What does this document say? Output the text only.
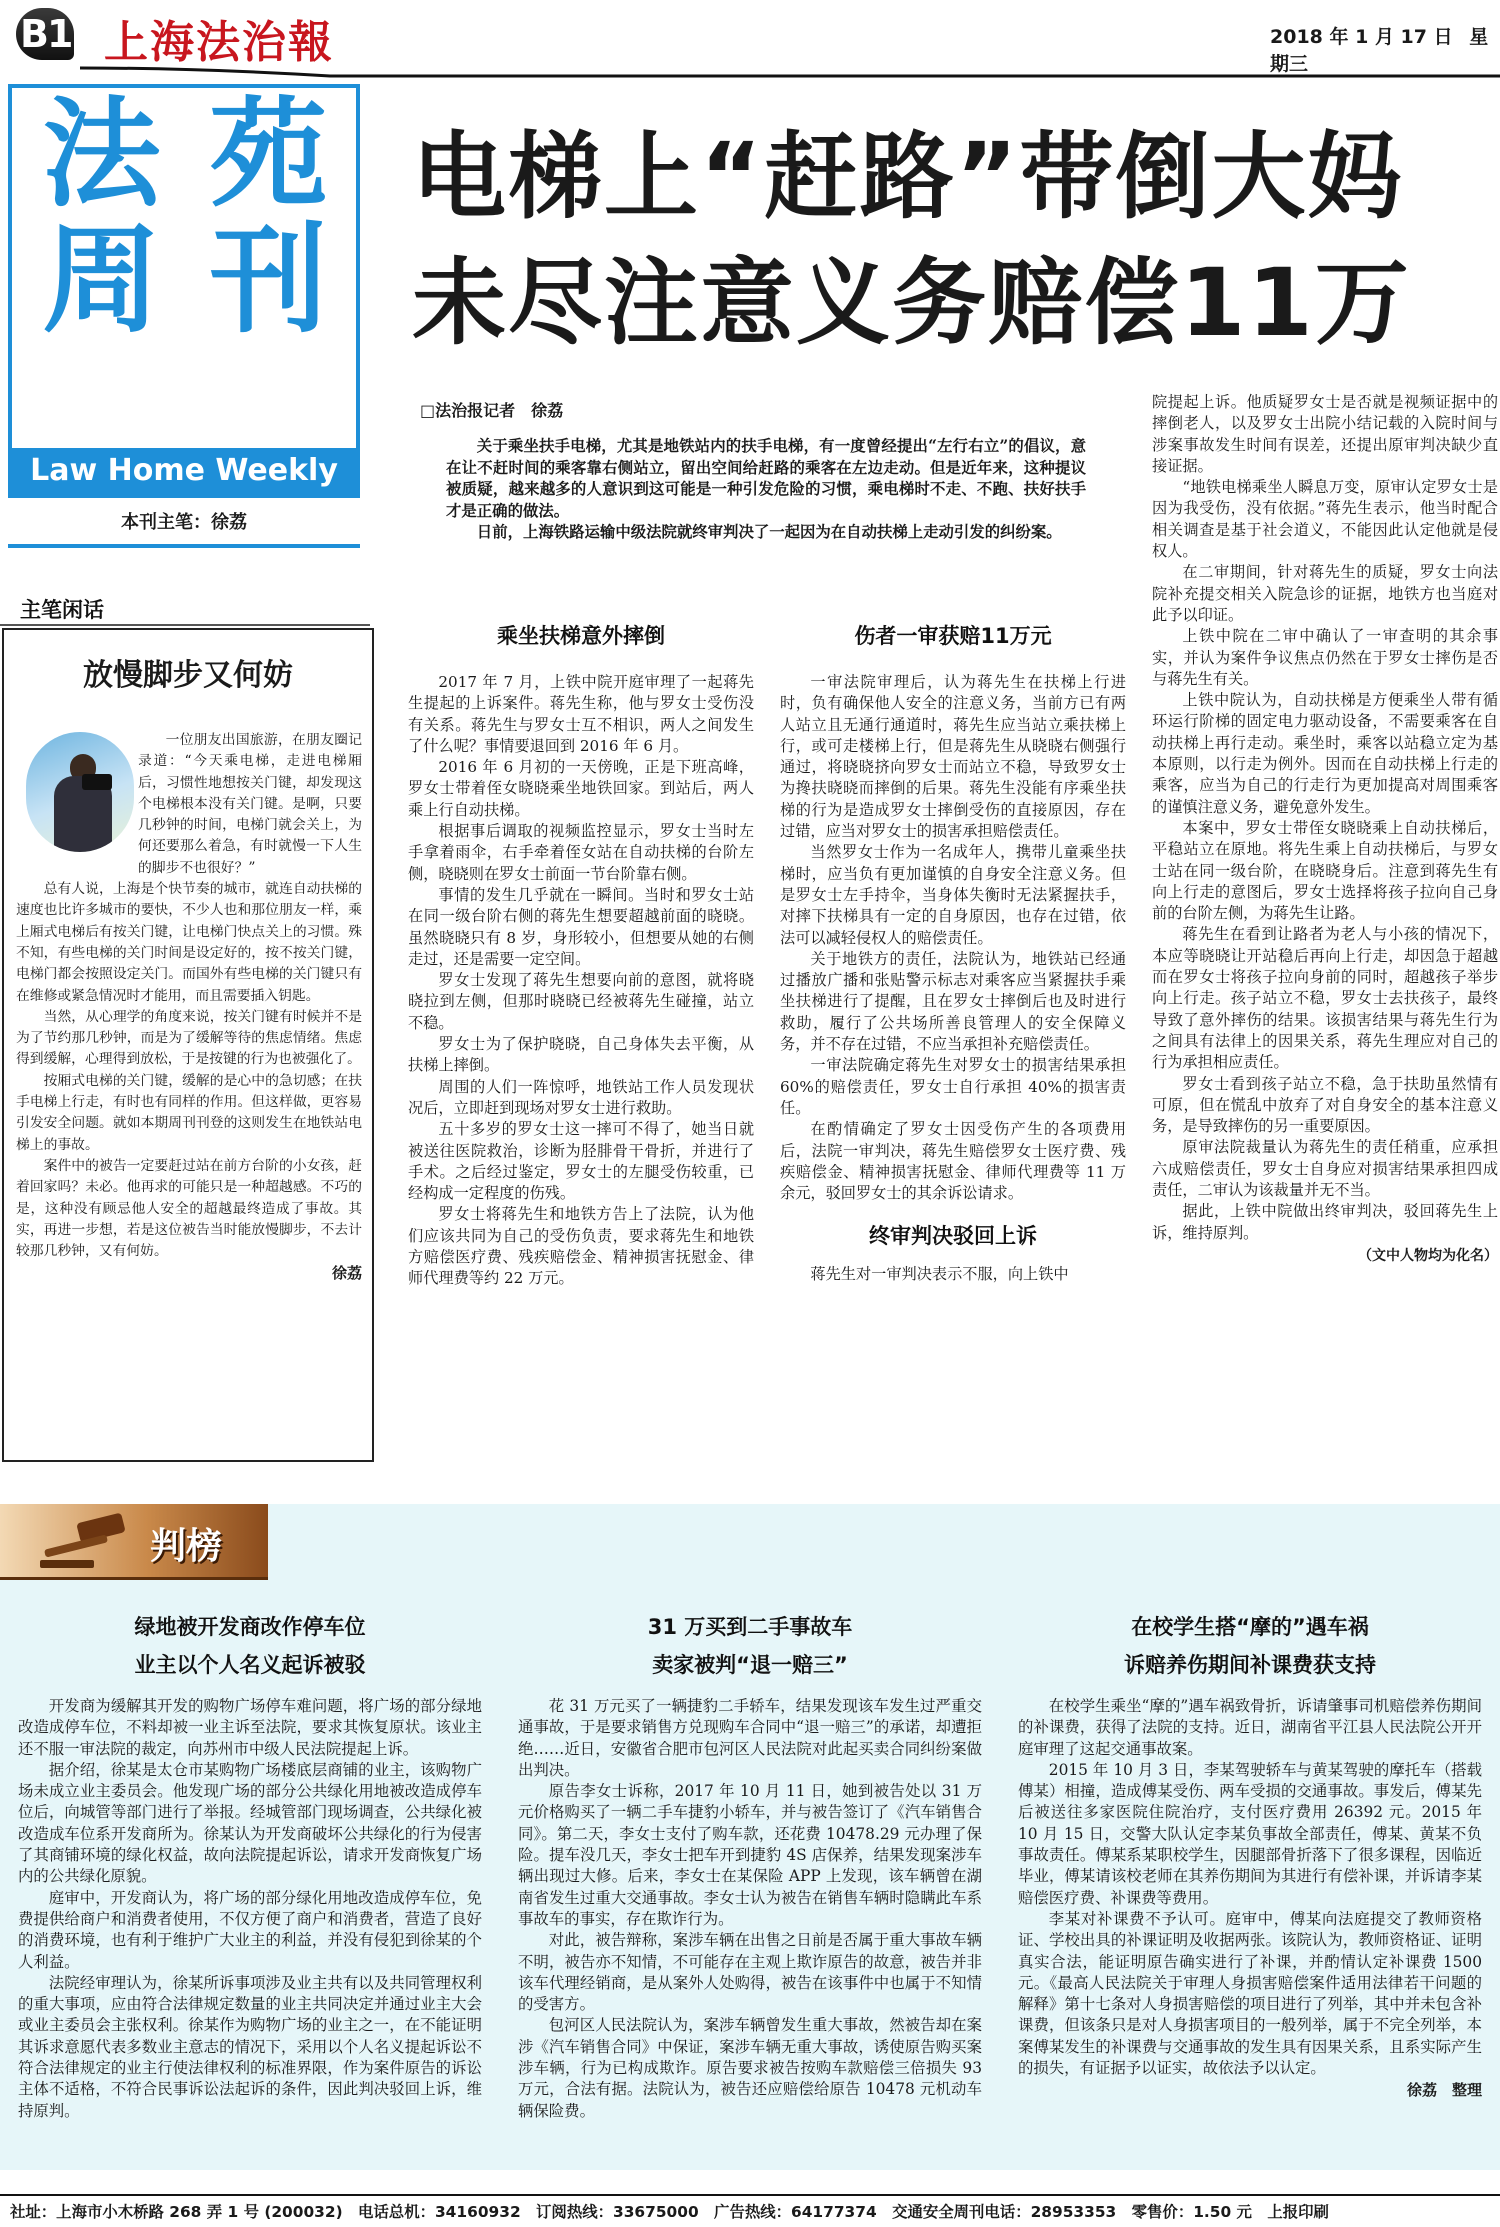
B1 上海法治報	2018 年 1 月 17 日 星期三
法 苑
周 刊
Law Home Weekly
本刊主笔：徐荔
电梯上“赶路”带倒大妈
未尽注意义务赔偿11万
□法治报记者　徐荔

关于乘坐扶手电梯，尤其是地铁站内的扶手电梯，有一度曾经提出“左行右立”的倡议，意在让不赶时间的乘客靠右侧站立，留出空间给赶路的乘客在左边走动。但是近年来，这种提议被质疑，越来越多的人意识到这可能是一种引发危险的习惯，乘电梯时不走、不跑、扶好扶手才是正确的做法。

日前，上海铁路运输中级法院就终审判决了一起因为在自动扶梯上走动引发的纠纷案。

主笔闲话
放慢脚步又何妨

一位朋友出国旅游，在朋友圈记录道：“今天乘电梯，走进电梯厢后，习惯性地想按关门键，却发现这个电梯根本没有关门键。是啊，只要几秒钟的时间，电梯门就会关上，为何还要那么着急，有时就慢一下人生的脚步不也很好？”

总有人说，上海是个快节奏的城市，就连自动扶梯的速度也比许多城市的要快，不少人也和那位朋友一样，乘上厢式电梯后有按关门键，让电梯门快点关上的习惯。殊不知，有些电梯的关门时间是设定好的，按不按关门键，电梯门都会按照设定关门。而国外有些电梯的关门键只有在维修或紧急情况时才能用，而且需要插入钥匙。

当然，从心理学的角度来说，按关门键有时候并不是为了节约那几秒钟，而是为了缓解等待的焦虑情绪。焦虑得到缓解，心理得到放松，于是按键的行为也被强化了。

按厢式电梯的关门键，缓解的是心中的急切感；在扶手电梯上行走，有时也有同样的作用。但这样做，更容易引发安全问题。就如本期周刊刊登的这则发生在地铁站电梯上的事故。

案件中的被告一定要赶过站在前方台阶的小女孩，赶着回家吗？未必。他再求的可能只是一种超越感。不巧的是，这种没有顾忌他人安全的超越最终造成了事故。其实，再进一步想，若是这位被告当时能放慢脚步，不去计较那几秒钟，又有何妨。

徐荔
乘坐扶梯意外摔倒

2017 年 7 月，上铁中院开庭审理了一起蒋先生提起的上诉案件。蒋先生称，他与罗女士受伤没有关系。蒋先生与罗女士互不相识，两人之间发生了什么呢？事情要退回到 2016 年 6 月。

2016 年 6 月初的一天傍晚，正是下班高峰，罗女士带着侄女晓晓乘坐地铁回家。到站后，两人乘上行自动扶梯。

根据事后调取的视频监控显示，罗女士当时左手拿着雨伞，右手牵着侄女站在自动扶梯的台阶左侧，晓晓则在罗女士前面一节台阶靠右侧。

事情的发生几乎就在一瞬间。当时和罗女士站在同一级台阶右侧的蒋先生想要超越前面的晓晓。虽然晓晓只有 8 岁，身形较小，但想要从她的右侧走过，还是需要一定空间。

罗女士发现了蒋先生想要向前的意图，就将晓晓拉到左侧，但那时晓晓已经被蒋先生碰撞，站立不稳。

罗女士为了保护晓晓，自己身体失去平衡，从扶梯上摔倒。

周围的人们一阵惊呼，地铁站工作人员发现状况后，立即赶到现场对罗女士进行救助。

五十多岁的罗女士这一摔可不得了，她当日就被送往医院救治，诊断为胫腓骨干骨折，并进行了手术。之后经过鉴定，罗女士的左腿受伤较重，已经构成一定程度的伤残。

罗女士将蒋先生和地铁方告上了法院，认为他们应该共同为自己的受伤负责，要求蒋先生和地铁方赔偿医疗费、残疾赔偿金、精神损害抚慰金、律师代理费等约 22 万元。

伤者一审获赔11万元

一审法院审理后，认为蒋先生在扶梯上行进时，负有确保他人安全的注意义务，当前方已有两人站立且无通行通道时，蒋先生应当站立乘扶梯上行，或可走楼梯上行，但是蒋先生从晓晓右侧强行通过，将晓晓挤向罗女士而站立不稳，导致罗女士为搀扶晓晓而摔倒的后果。蒋先生没能有序乘坐扶梯的行为是造成罗女士摔倒受伤的直接原因，存在过错，应当对罗女士的损害承担赔偿责任。

当然罗女士作为一名成年人，携带儿童乘坐扶梯时，应当负有更加谨慎的自身安全注意义务。但是罗女士左手持伞，当身体失衡时无法紧握扶手，对摔下扶梯具有一定的自身原因，也存在过错，依法可以减轻侵权人的赔偿责任。

关于地铁方的责任，法院认为，地铁站已经通过播放广播和张贴警示标志对乘客应当紧握扶手乘坐扶梯进行了提醒，且在罗女士摔倒后也及时进行救助，履行了公共场所善良管理人的安全保障义务，并不存在过错，不应当承担补充赔偿责任。

一审法院确定蒋先生对罗女士的损害结果承担 60%的赔偿责任，罗女士自行承担 40%的损害责任。

在酌情确定了罗女士因受伤产生的各项费用后，法院一审判决，蒋先生赔偿罗女士医疗费、残疾赔偿金、精神损害抚慰金、律师代理费等 11 万余元，驳回罗女士的其余诉讼请求。

终审判决驳回上诉

蒋先生对一审判决表示不服，向上铁中

院提起上诉。他质疑罗女士是否就是视频证据中的摔倒老人，以及罗女士出院小结记载的入院时间与涉案事故发生时间有误差，还提出原审判决缺少直接证据。

“地铁电梯乘坐人瞬息万变，原审认定罗女士是因为我受伤，没有依据。”蒋先生表示，他当时配合相关调查是基于社会道义，不能因此认定他就是侵权人。

在二审期间，针对蒋先生的质疑，罗女士向法院补充提交相关入院急诊的证据，地铁方也当庭对此予以印证。

上铁中院在二审中确认了一审查明的其余事实，并认为案件争议焦点仍然在于罗女士摔伤是否与蒋先生有关。

上铁中院认为，自动扶梯是方便乘坐人带有循环运行阶梯的固定电力驱动设备，不需要乘客在自动扶梯上再行走动。乘坐时，乘客以站稳立定为基本原则，以行走为例外。因而在自动扶梯上行走的乘客，应当为自己的行走行为更加提高对周围乘客的谨慎注意义务，避免意外发生。

本案中，罗女士带侄女晓晓乘上自动扶梯后，平稳站立在原地。将先生乘上自动扶梯后，与罗女士站在同一级台阶，在晓晓身后。注意到蒋先生有向上行走的意图后，罗女士选择将孩子拉向自己身前的台阶左侧，为蒋先生让路。

蒋先生在看到让路者为老人与小孩的情况下，本应等晓晓让开站稳后再向上行走，却因急于超越而在罗女士将孩子拉向身前的同时，超越孩子举步向上行走。孩子站立不稳，罗女士去扶孩子，最终导致了意外摔伤的结果。该损害结果与蒋先生行为之间具有法律上的因果关系，蒋先生理应对自己的行为承担相应责任。

罗女士看到孩子站立不稳，急于扶助虽然情有可原，但在慌乱中放弃了对自身安全的基本注意义务，是导致摔伤的另一重要原因。

原审法院裁量认为蒋先生的责任稍重，应承担六成赔偿责任，罗女士自身应对损害结果承担四成责任，二审认为该裁量并无不当。

据此，上铁中院做出终审判决，驳回蒋先生上诉，维持原判。

（文中人物均为化名）
判榜
绿地被开发商改作停车位
业主以个人名义起诉被驳

开发商为缓解其开发的购物广场停车难问题，将广场的部分绿地改造成停车位，不料却被一业主诉至法院，要求其恢复原状。该业主还不服一审法院的裁定，向苏州市中级人民法院提起上诉。

据介绍，徐某是太仓市某购物广场楼底层商铺的业主，该购物广场未成立业主委员会。他发现广场的部分公共绿化用地被改造成停车位后，向城管等部门进行了举报。经城管部门现场调查，公共绿化被改造成车位系开发商所为。徐某认为开发商破坏公共绿化的行为侵害了其商铺环境的绿化权益，故向法院提起诉讼，请求开发商恢复广场内的公共绿化原貌。

庭审中，开发商认为，将广场的部分绿化用地改造成停车位，免费提供给商户和消费者使用，不仅方便了商户和消费者，营造了良好的消费环境，也有利于维护广大业主的利益，并没有侵犯到徐某的个人利益。

法院经审理认为，徐某所诉事项涉及业主共有以及共同管理权利的重大事项，应由符合法律规定数量的业主共同决定并通过业主大会或业主委员会主张权利。徐某作为购物广场的业主之一，在不能证明其诉求意愿代表多数业主意志的情况下，采用以个人名义提起诉讼不符合法律规定的业主行使法律权利的标准界限，作为案件原告的诉讼主体不适格，不符合民事诉讼法起诉的条件，因此判决驳回上诉，维持原判。

31 万买到二手事故车
卖家被判“退一赔三”

花 31 万元买了一辆捷豹二手轿车，结果发现该车发生过严重交通事故，于是要求销售方兑现购车合同中“退一赔三”的承诺，却遭拒绝……近日，安徽省合肥市包河区人民法院对此起买卖合同纠纷案做出判决。

原告李女士诉称，2017 年 10 月 11 日，她到被告处以 31 万元价格购买了一辆二手车捷豹小轿车，并与被告签订了《汽车销售合同》。第二天，李女士支付了购车款，还花费 10478.29 元办理了保险。提车没几天，李女士把车开到捷豹 4S 店保养，结果发现案涉车辆出现过大修。后来，李女士在某保险 APP 上发现，该车辆曾在湖南省发生过重大交通事故。李女士认为被告在销售车辆时隐瞒此车系事故车的事实，存在欺诈行为。

对此，被告辩称，案涉车辆在出售之日前是否属于重大事故车辆不明，被告亦不知情，不可能存在主观上欺诈原告的故意，被告并非该车代理经销商，是从案外人处购得，被告在该事件中也属于不知情的受害方。

包河区人民法院认为，案涉车辆曾发生重大事故，然被告却在案涉《汽车销售合同》中保证，案涉车辆无重大事故，诱使原告购买案涉车辆，行为已构成欺诈。原告要求被告按购车款赔偿三倍损失 93 万元，合法有据。法院认为，被告还应赔偿给原告 10478 元机动车辆保险费。

在校学生搭“摩的”遇车祸
诉赔养伤期间补课费获支持

在校学生乘坐“摩的”遇车祸致骨折，诉请肇事司机赔偿养伤期间的补课费，获得了法院的支持。近日，湖南省平江县人民法院公开开庭审理了这起交通事故案。

2015 年 10 月 3 日，李某驾驶轿车与黄某驾驶的摩托车（搭载傅某）相撞，造成傅某受伤、两车受损的交通事故。事发后，傅某先后被送往多家医院住院治疗，支付医疗费用 26392 元。2015 年 10 月 15 日，交警大队认定李某负事故全部责任，傅某、黄某不负事故责任。傅某系某职校学生，因腿部骨折落下了很多课程，因临近毕业，傅某请该校老师在其养伤期间为其进行有偿补课，并诉请李某赔偿医疗费、补课费等费用。

李某对补课费不予认可。庭审中，傅某向法庭提交了教师资格证、学校出具的补课证明及收据两张。该院认为，教师资格证、证明真实合法，能证明原告确实进行了补课，并酌情认定补课费 1500 元。《最高人民法院关于审理人身损害赔偿案件适用法律若干问题的解释》第十七条对人身损害赔偿的项目进行了列举，其中并未包含补课费，但该条只是对人身损害项目的一般列举，属于不完全列举，本案傅某发生的补课费与交通事故的发生具有因果关系，且系实际产生的损失，有证据予以证实，故依法予以认定。

徐荔　整理
社址：上海市小木桥路 268 弄 1 号 (200032)　电话总机：34160932　订阅热线：33675000　广告热线：64177374　交通安全周刊电话：28953353　零售价：1.50 元　上报印刷
